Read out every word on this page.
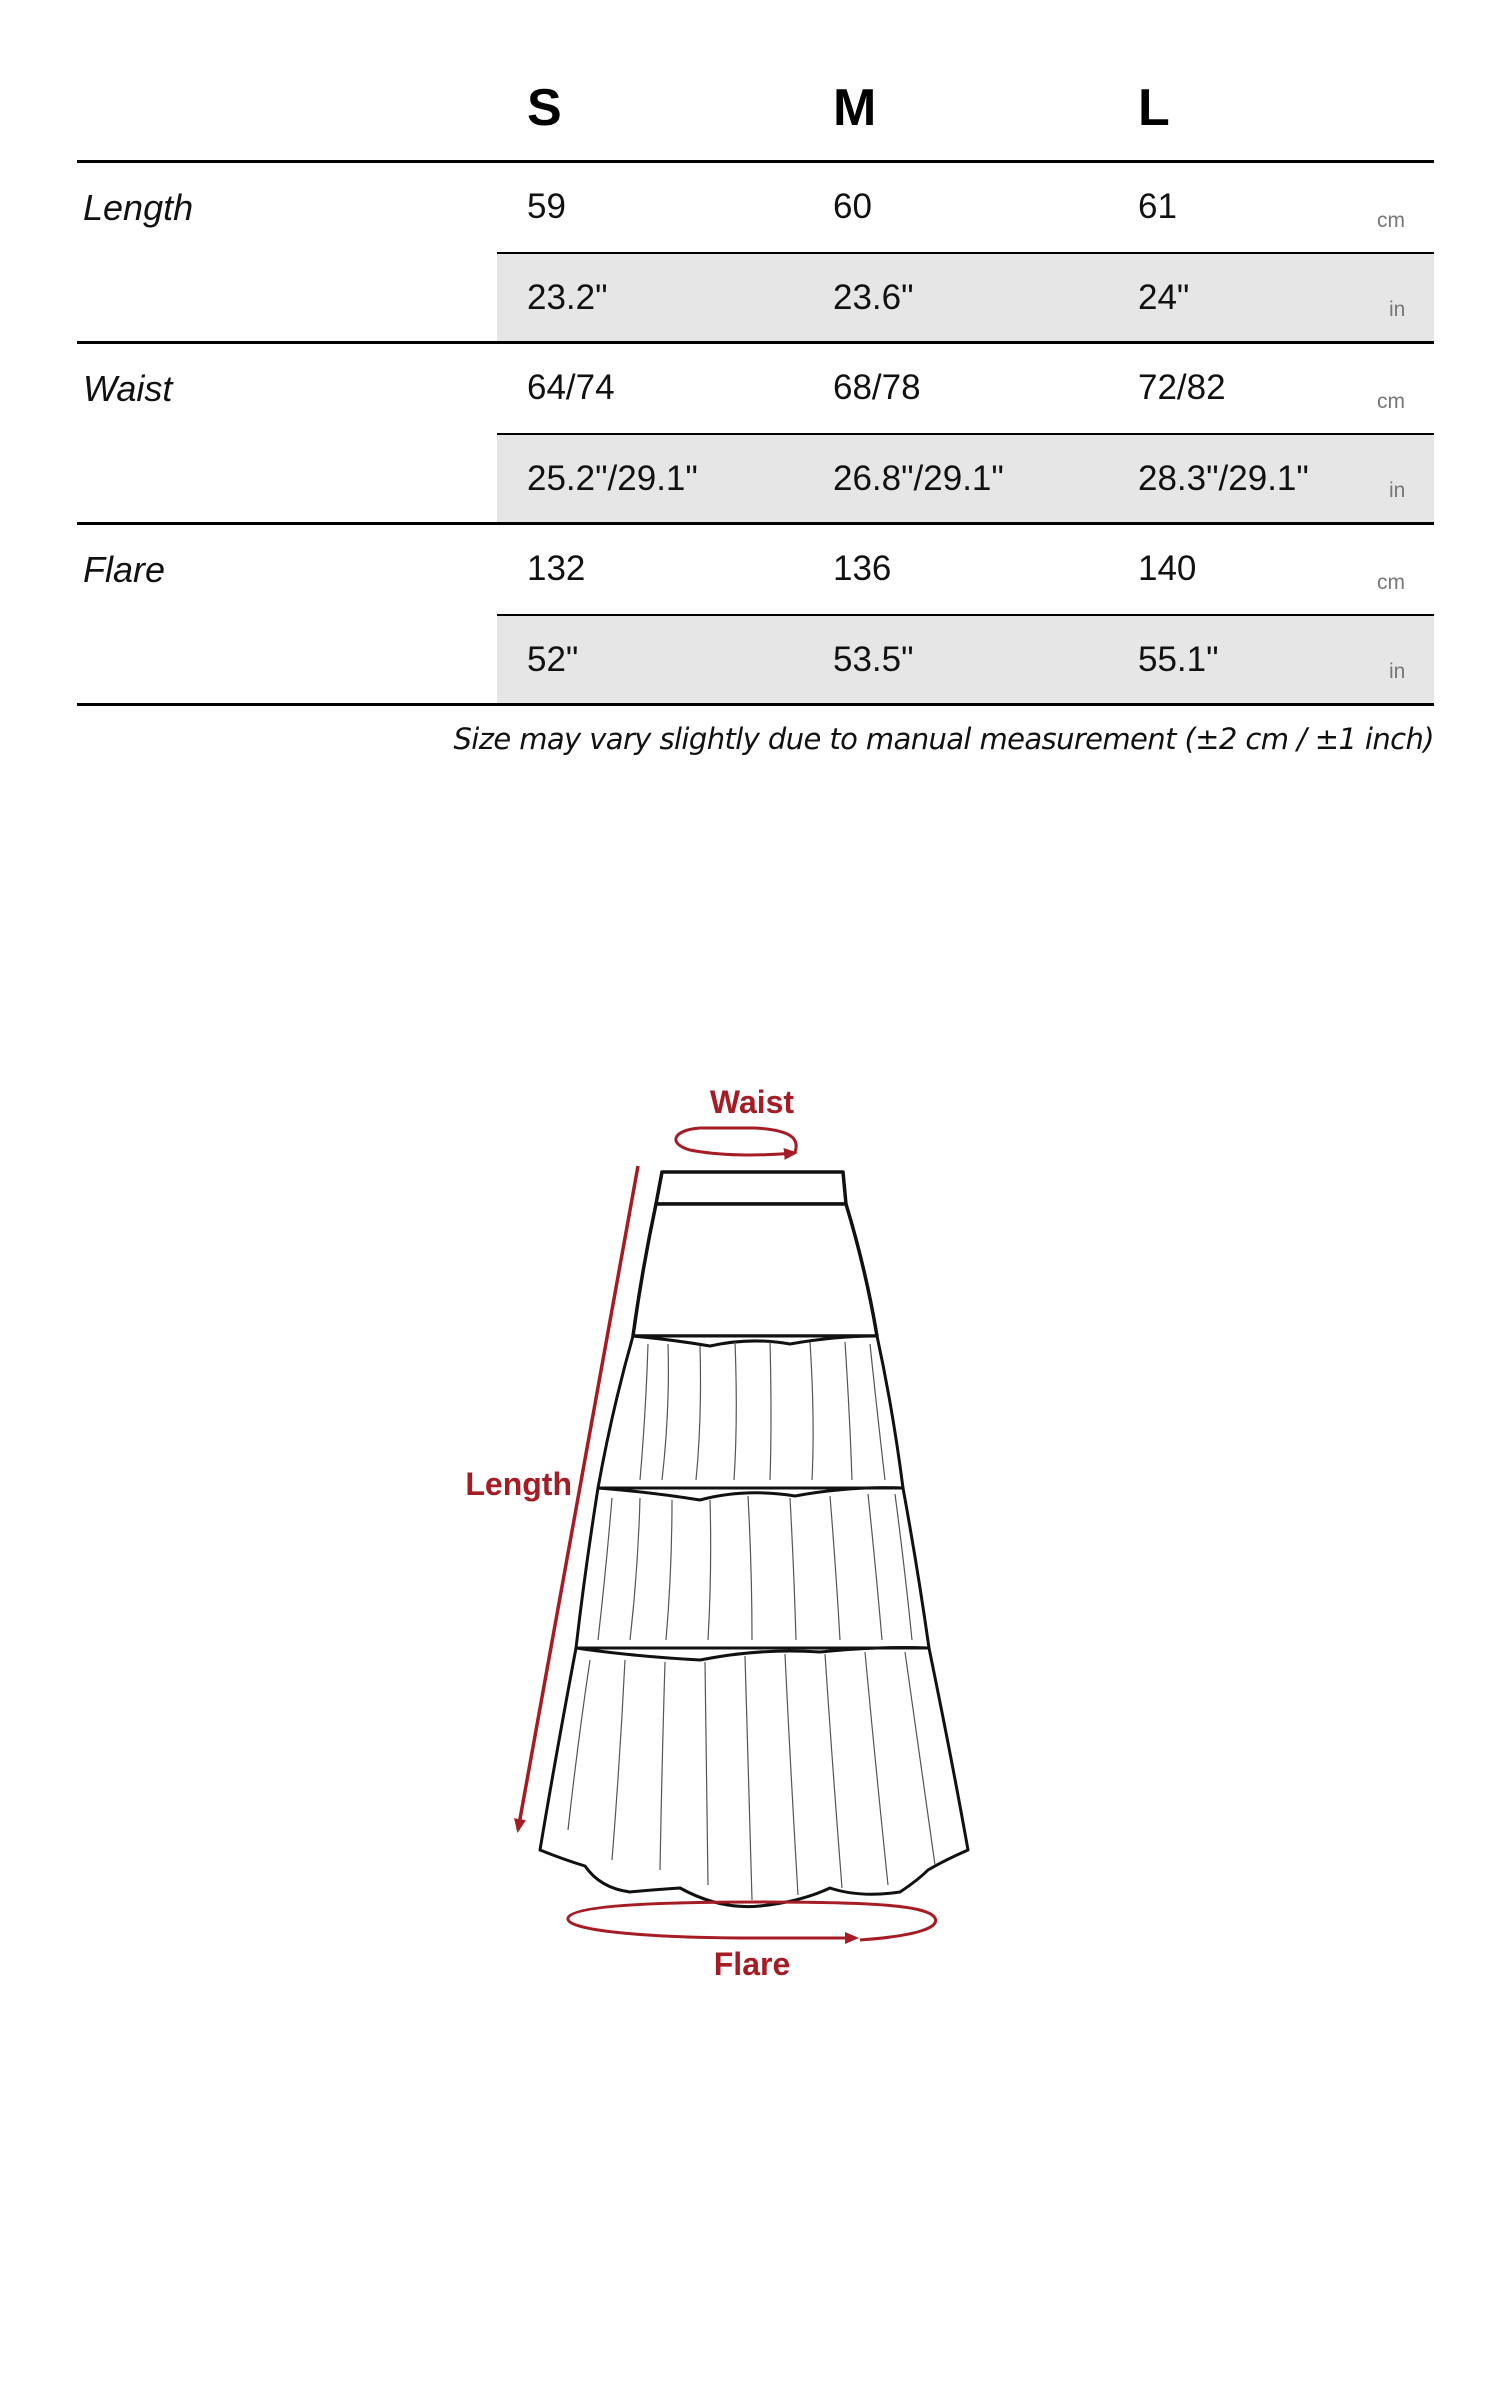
S	M	L
Length	59	60	61	cm
23.2"	23.6"	24"	in
Waist	64/74	68/78	72/82	cm
25.2"/29.1"	26.8"/29.1"	28.3"/29.1"	in
Flare	132	136	140	cm
52"	53.5"	55.1"	in
Size may vary slightly due to manual measurement (±2 cm / ±1 inch)
Waist
Length
Flare
